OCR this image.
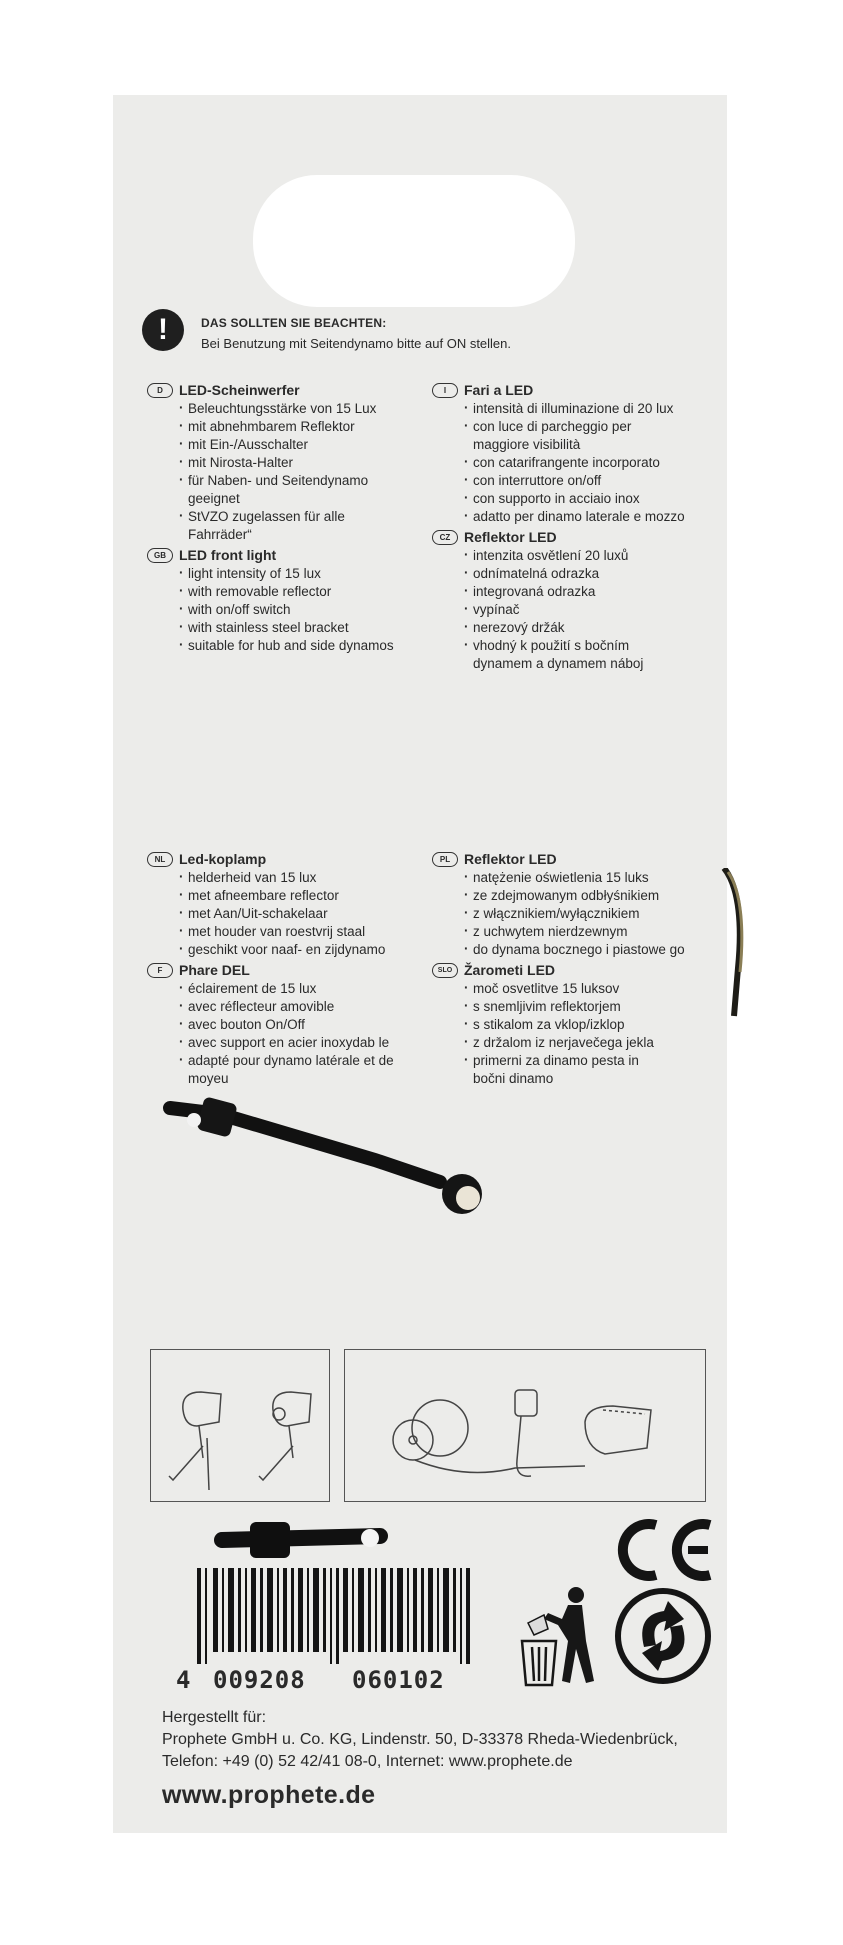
!	DAS SOLLTEN SIE BEACHTEN:
Bei Benutzung mit Seitendynamo bitte auf ON stellen.
D	LED-Scheinwerfer
· Beleuchtungsstärke von 15 Lux
· mit abnehmbarem Reflektor
· mit Ein-/Ausschalter
· mit Nirosta-Halter
· für Naben- und Seitendynamo geeignet
· StVZO zugelassen für alle Fahrräder“
GB LED front light
· light intensity of 15 lux
· with removable reflector
· with on/off switch
· with stainless steel bracket
· suitable for hub and side dynamos
I	Fari a LED
· intensità di illuminazione di 20 lux
· con luce di parcheggio per maggiore visibilità
· con catarifrangente incorporato
· con interruttore on/off
· con supporto in acciaio inox
· adatto per dinamo laterale e mozzo
CZ Reflektor LED
· intenzita osvětlení 20 luxů
· odnímatelná odrazka
· integrovaná odrazka
· vypínač
· nerezový držák
· vhodný k použití s bočním dynamem a dynamem náboj
NL Led-koplamp
· helderheid van 15 lux
· met afneembare reflector
· met Aan/Uit-schakelaar
· met houder van roestvrij staal
· geschikt voor naaf- en zijdynamo
F	Phare DEL
· éclairement de 15 lux
· avec réflecteur amovible
· avec bouton On/Off
· avec support en acier inoxydab le
· adapté pour dynamo latérale et de moyeu
PL Reflektor LED
· natężenie oświetlenia 15 luks
· ze zdejmowanym odbłyśnikiem
· z włącznikiem/wyłącznikiem
· z uchwytem nierdzewnym
· do dynama bocznego i piastowe go
SLO Žarometi LED
· moč osvetlitve 15 luksov
· s snemljivim reflektorjem
· s stikalom za vklop/izklop
· z držalom iz nerjavečega jekla
· primerni za dinamo pesta in bočni dinamo
4 009208 060102
Hergestellt für:
Prophete GmbH u. Co. KG, Lindenstr. 50, D-33378 Rheda-Wiedenbrück,
Telefon: +49 (0) 52 42/41 08-0, Internet: www.prophete.de
www.prophete.de
